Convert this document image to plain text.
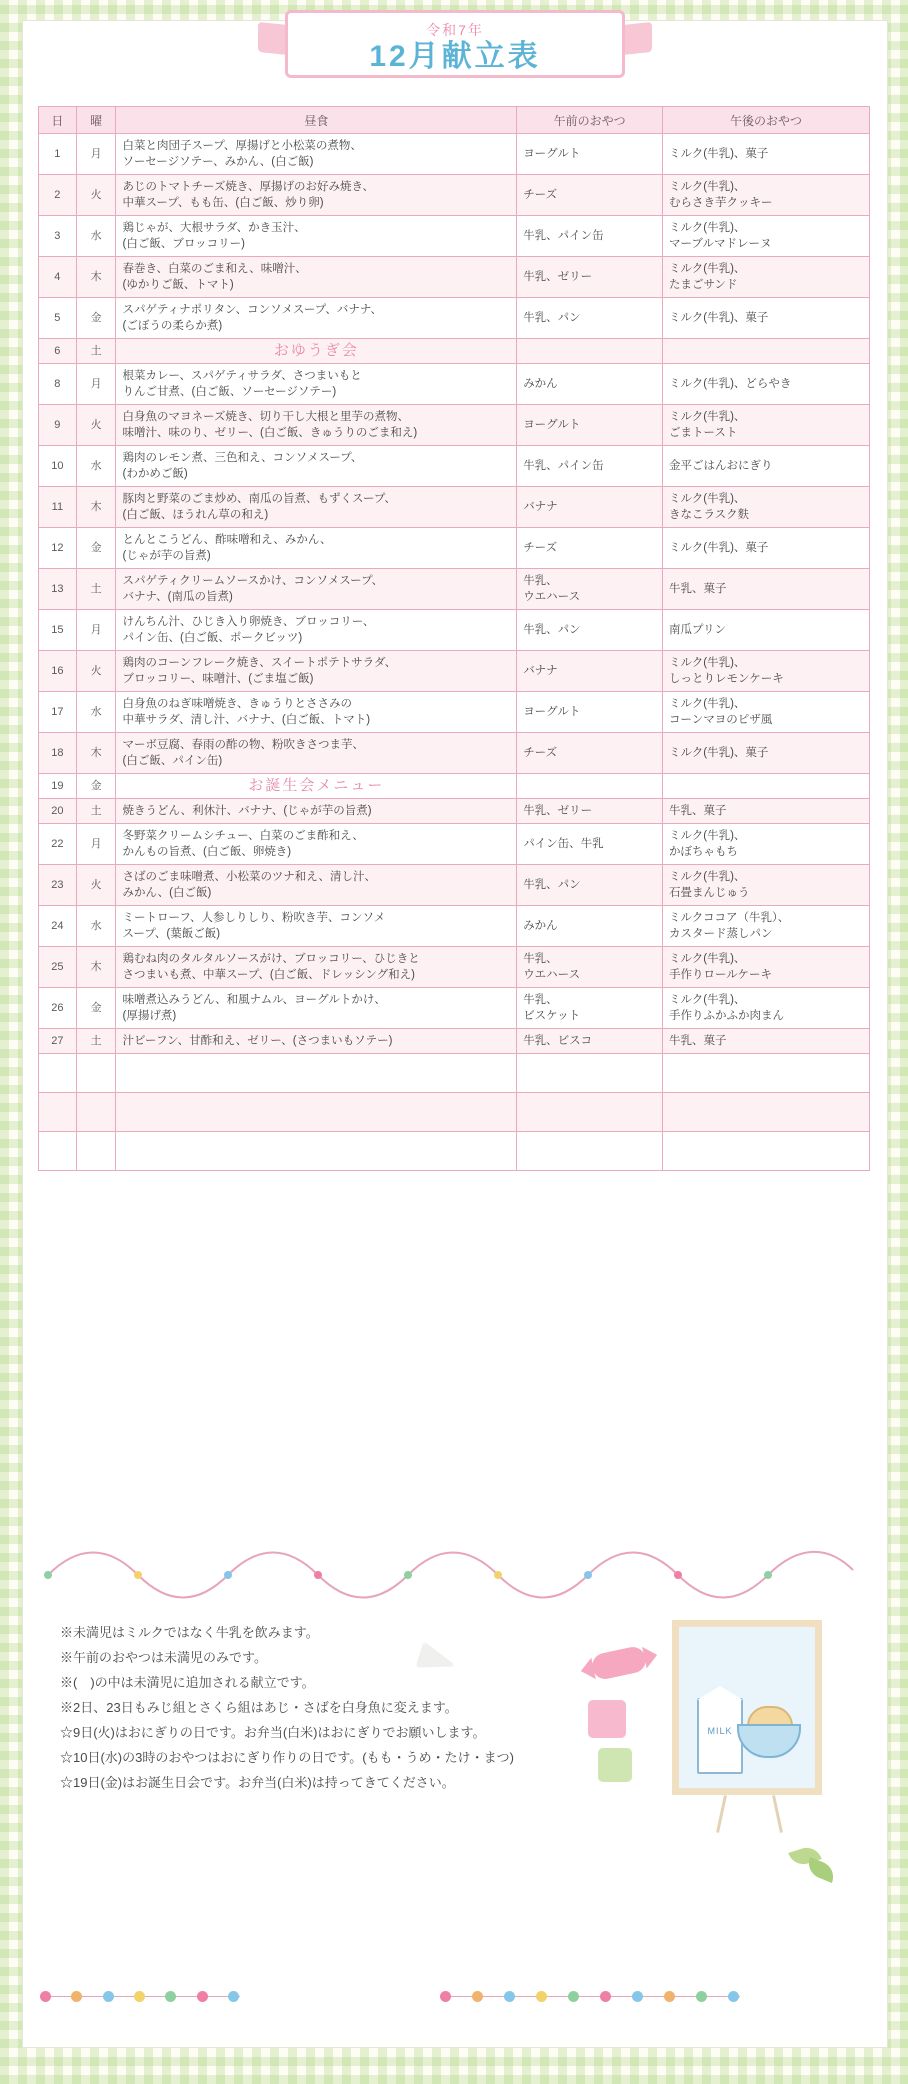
令和7年
12月献立表
日	曜	昼食	午前のおやつ	午後のおやつ
1	月	白菜と肉団子スープ、厚揚げと小松菜の煮物、
ソーセージソテー、みかん、(白ご飯)	ヨーグルト	ミルク(牛乳)、菓子
2	火	あじのトマトチーズ焼き、厚揚げのお好み焼き、
中華スープ、もも缶、(白ご飯、炒り卵)	チーズ	ミルク(牛乳)、
むらさき芋クッキー
3	水	鶏じゃが、大根サラダ、かき玉汁、
(白ご飯、ブロッコリー)	牛乳、パイン缶	ミルク(牛乳)、
マーブルマドレーヌ
4	木	春巻き、白菜のごま和え、味噌汁、
(ゆかりご飯、トマト)	牛乳、ゼリー	ミルク(牛乳)、
たまごサンド
5	金	スパゲティナポリタン、コンソメスープ、バナナ、
(ごぼうの柔らか煮)	牛乳、パン	ミルク(牛乳)、菓子
6	土	おゆうぎ会		
8	月	根菜カレー、スパゲティサラダ、さつまいもと
りんご甘煮、(白ご飯、ソーセージソテー)	みかん	ミルク(牛乳)、どらやき
9	火	白身魚のマヨネーズ焼き、切り干し大根と里芋の煮物、
味噌汁、味のり、ゼリー、(白ご飯、きゅうりのごま和え)	ヨーグルト	ミルク(牛乳)、
ごまトースト
10	水	鶏肉のレモン煮、三色和え、コンソメスープ、
(わかめご飯)	牛乳、パイン缶	金平ごはんおにぎり
11	木	豚肉と野菜のごま炒め、南瓜の旨煮、もずくスープ、
(白ご飯、ほうれん草の和え)	バナナ	ミルク(牛乳)、
きなこラスク麩
12	金	とんとこうどん、酢味噌和え、みかん、
(じゃが芋の旨煮)	チーズ	ミルク(牛乳)、菓子
13	土	スパゲティクリームソースかけ、コンソメスープ、
バナナ、(南瓜の旨煮)	牛乳、
ウエハース	牛乳、菓子
15	月	けんちん汁、ひじき入り卵焼き、ブロッコリー、
パイン缶、(白ご飯、ポークビッツ)	牛乳、パン	南瓜プリン
16	火	鶏肉のコーンフレーク焼き、スイートポテトサラダ、
ブロッコリー、味噌汁、(ごま塩ご飯)	バナナ	ミルク(牛乳)、
しっとりレモンケーキ
17	水	白身魚のねぎ味噌焼き、きゅうりとささみの
中華サラダ、清し汁、バナナ、(白ご飯、トマト)	ヨーグルト	ミルク(牛乳)、
コーンマヨのピザ風
18	木	マーボ豆腐、春雨の酢の物、粉吹きさつま芋、
(白ご飯、パイン缶)	チーズ	ミルク(牛乳)、菓子
19	金	お誕生会メニュー		
20	土	焼きうどん、利休汁、バナナ、(じゃが芋の旨煮)	牛乳、ゼリー	牛乳、菓子
22	月	冬野菜クリームシチュー、白菜のごま酢和え、
かんもの旨煮、(白ご飯、卵焼き)	パイン缶、牛乳	ミルク(牛乳)、
かぼちゃもち
23	火	さばのごま味噌煮、小松菜のツナ和え、清し汁、
みかん、(白ご飯)	牛乳、パン	ミルク(牛乳)、
石畳まんじゅう
24	水	ミートローフ、人参しりしり、粉吹き芋、コンソメ
スープ、(葉飯ご飯)	みかん	ミルクココア（牛乳）、
カスタード蒸しパン
25	木	鶏むね肉のタルタルソースがけ、ブロッコリー、ひじきと
さつまいも煮、中華スープ、(白ご飯、ドレッシング和え)	牛乳、
ウエハース	ミルク(牛乳)、
手作りロールケーキ
26	金	味噌煮込みうどん、和風ナムル、ヨーグルトかけ、
(厚揚げ煮)	牛乳、
ビスケット	ミルク(牛乳)、
手作りふかふか肉まん
27	土	汁ビーフン、甘酢和え、ゼリー、(さつまいもソテー)	牛乳、ビスコ	牛乳、菓子

※未満児はミルクではなく牛乳を飲みます。
※午前のおやつは未満児のみです。
※(　)の中は未満児に追加される献立です。
※2日、23日もみじ組とさくら組はあじ・さばを白身魚に変えます。
☆9日(火)はおにぎりの日です。お弁当(白米)はおにぎりでお願いします。
☆10日(水)の3時のおやつはおにぎり作りの日です。(もも・うめ・たけ・まつ)
☆19日(金)はお誕生日会です。お弁当(白米)は持ってきてください。
MILK
